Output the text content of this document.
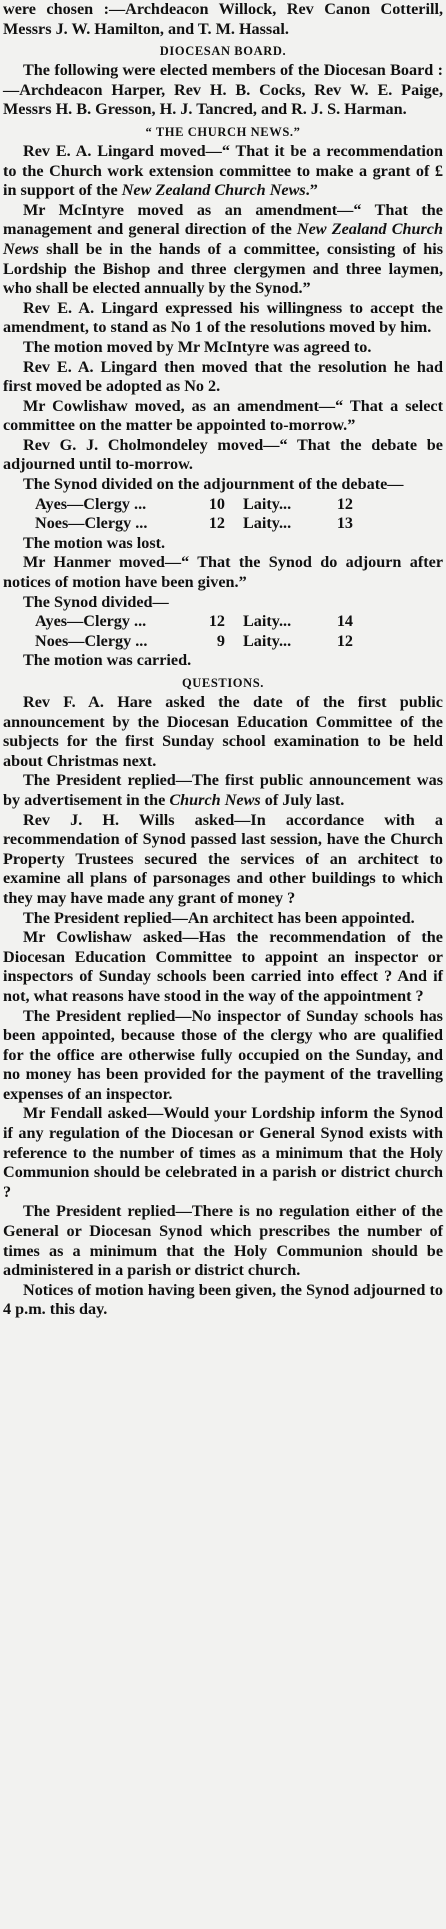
were chosen :—Archdeacon Willock, Rev Canon Cotterill, Messrs J. W. Hamilton, and T. M. Hassal.

DIOCESAN BOARD.

The following were elected members of the Diocesan Board :—Archdeacon Harper, Rev H. B. Cocks, Rev W. E. Paige, Messrs H. B. Gresson, H. J. Tancred, and R. J. S. Harman.

“ THE CHURCH NEWS.”

Rev E. A. Lingard moved—“ That it be a recommendation to the Church work extension committee to make a grant of £ in support of the New Zealand Church News.”

Mr McIntyre moved as an amendment—“ That the management and general direction of the New Zealand Church News shall be in the hands of a committee, consisting of his Lordship the Bishop and three clergymen and three laymen, who shall be elected annually by the Synod.”

Rev E. A. Lingard expressed his willingness to accept the amendment, to stand as No 1 of the resolutions moved by him.

The motion moved by Mr McIntyre was agreed to.

Rev E. A. Lingard then moved that the resolution he had first moved be adopted as No 2.

Mr Cowlishaw moved, as an amendment—“ That a select committee on the matter be appointed to-morrow.”

Rev G. J. Cholmondeley moved—“ That the debate be adjourned until to-morrow.

The Synod divided on the adjournment of the debate—

Ayes—Clergy ...	10	Laity...	12
Noes—Clergy ...	12	Laity...	13

The motion was lost.

Mr Hanmer moved—“ That the Synod do adjourn after notices of motion have been given.”

The Synod divided—

Ayes—Clergy ...	12	Laity...	14
Noes—Clergy ...	9	Laity...	12

The motion was carried.

QUESTIONS.

Rev F. A. Hare asked the date of the first public announcement by the Diocesan Education Committee of the subjects for the first Sunday school examination to be held about Christmas next.

The President replied—The first public announcement was by advertisement in the Church News of July last.

Rev J. H. Wills asked—In accordance with a recommendation of Synod passed last session, have the Church Property Trustees secured the services of an architect to examine all plans of parsonages and other buildings to which they may have made any grant of money ?

The President replied—An architect has been appointed.

Mr Cowlishaw asked—Has the recommendation of the Diocesan Education Committee to appoint an inspector or inspectors of Sunday schools been carried into effect ? And if not, what reasons have stood in the way of the appointment ?

The President replied—No inspector of Sunday schools has been appointed, because those of the clergy who are qualified for the office are otherwise fully occupied on the Sunday, and no money has been provided for the payment of the travelling expenses of an inspector.

Mr Fendall asked—Would your Lordship inform the Synod if any regulation of the Diocesan or General Synod exists with reference to the number of times as a minimum that the Holy Communion should be celebrated in a parish or district church ?

The President replied—There is no regulation either of the General or Diocesan Synod which prescribes the number of times as a minimum that the Holy Communion should be administered in a parish or district church.

Notices of motion having been given, the Synod adjourned to 4 p.m. this day.
